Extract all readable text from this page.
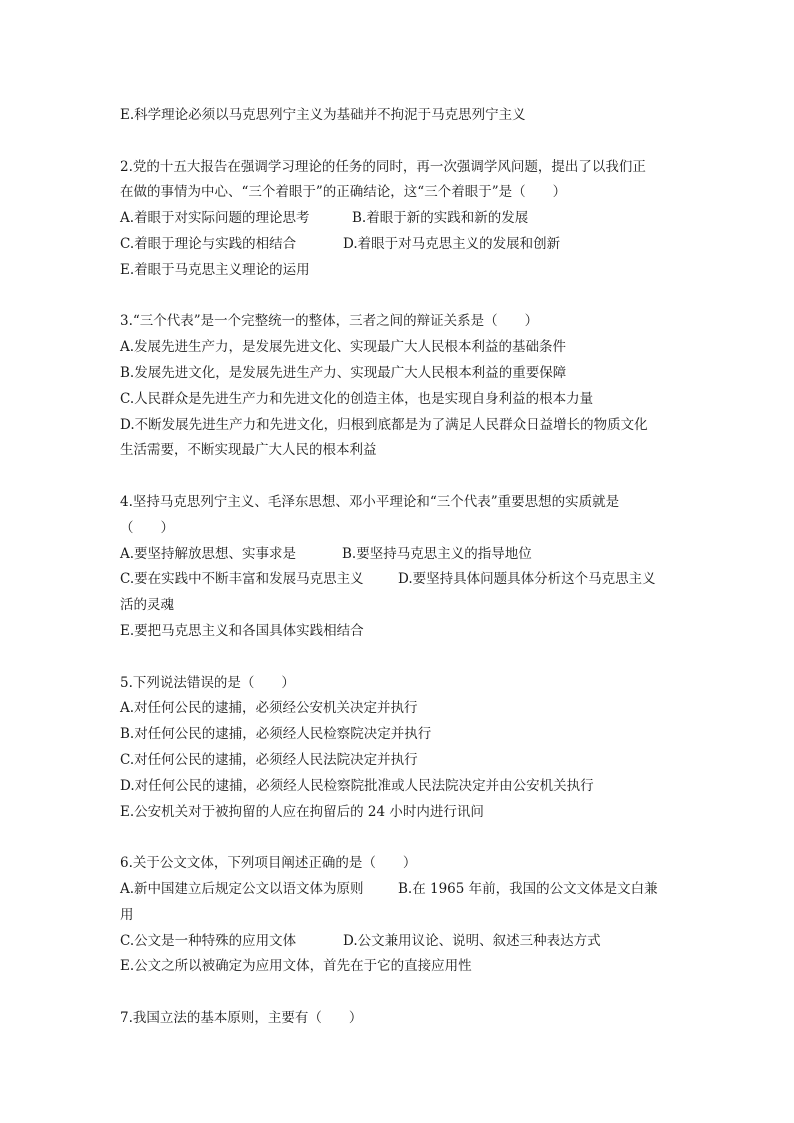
E.科学理论必须以马克思列宁主义为基础并不拘泥于马克思列宁主义

2.党的十五大报告在强调学习理论的任务的同时，再一次强调学风问题，提出了以我们正

在做的事情为中心、“三个着眼于”的正确结论，这“三个着眼于”是（　　）

A.着眼于对实际问题的理论思考	B.着眼于新的实践和新的发展
C.着眼于理论与实践的相结合	D.着眼于对马克思主义的发展和创新

E.着眼于马克思主义理论的运用

3.“三个代表”是一个完整统一的整体，三者之间的辩证关系是（　　）

A.发展先进生产力，是发展先进文化、实现最广大人民根本利益的基础条件

B.发展先进文化，是发展先进生产力、实现最广大人民根本利益的重要保障

C.人民群众是先进生产力和先进文化的创造主体，也是实现自身利益的根本力量

D.不断发展先进生产力和先进文化，归根到底都是为了满足人民群众日益增长的物质文化

生活需要，不断实现最广大人民的根本利益

4.坚持马克思列宁主义、毛泽东思想、邓小平理论和“三个代表”重要思想的实质就是

（　　）

A.要坚持解放思想、实事求是	B.要坚持马克思主义的指导地位
C.要在实践中不断丰富和发展马克思主义	D.要坚持具体问题具体分析这个马克思主义

活的灵魂

E.要把马克思主义和各国具体实践相结合

5.下列说法错误的是（　　）

A.对任何公民的逮捕，必须经公安机关决定并执行

B.对任何公民的逮捕，必须经人民检察院决定并执行

C.对任何公民的逮捕，必须经人民法院决定并执行

D.对任何公民的逮捕，必须经人民检察院批准或人民法院决定并由公安机关执行

E.公安机关对于被拘留的人应在拘留后的 24 小时内进行讯问

6.关于公文文体，下列项目阐述正确的是（　　）

A.新中国建立后规定公文以语文体为原则	B.在 1965 年前，我国的公文文体是文白兼

用

C.公文是一种特殊的应用文体	D.公文兼用议论、说明、叙述三种表达方式

E.公文之所以被确定为应用文体，首先在于它的直接应用性

7.我国立法的基本原则，主要有（　　）
